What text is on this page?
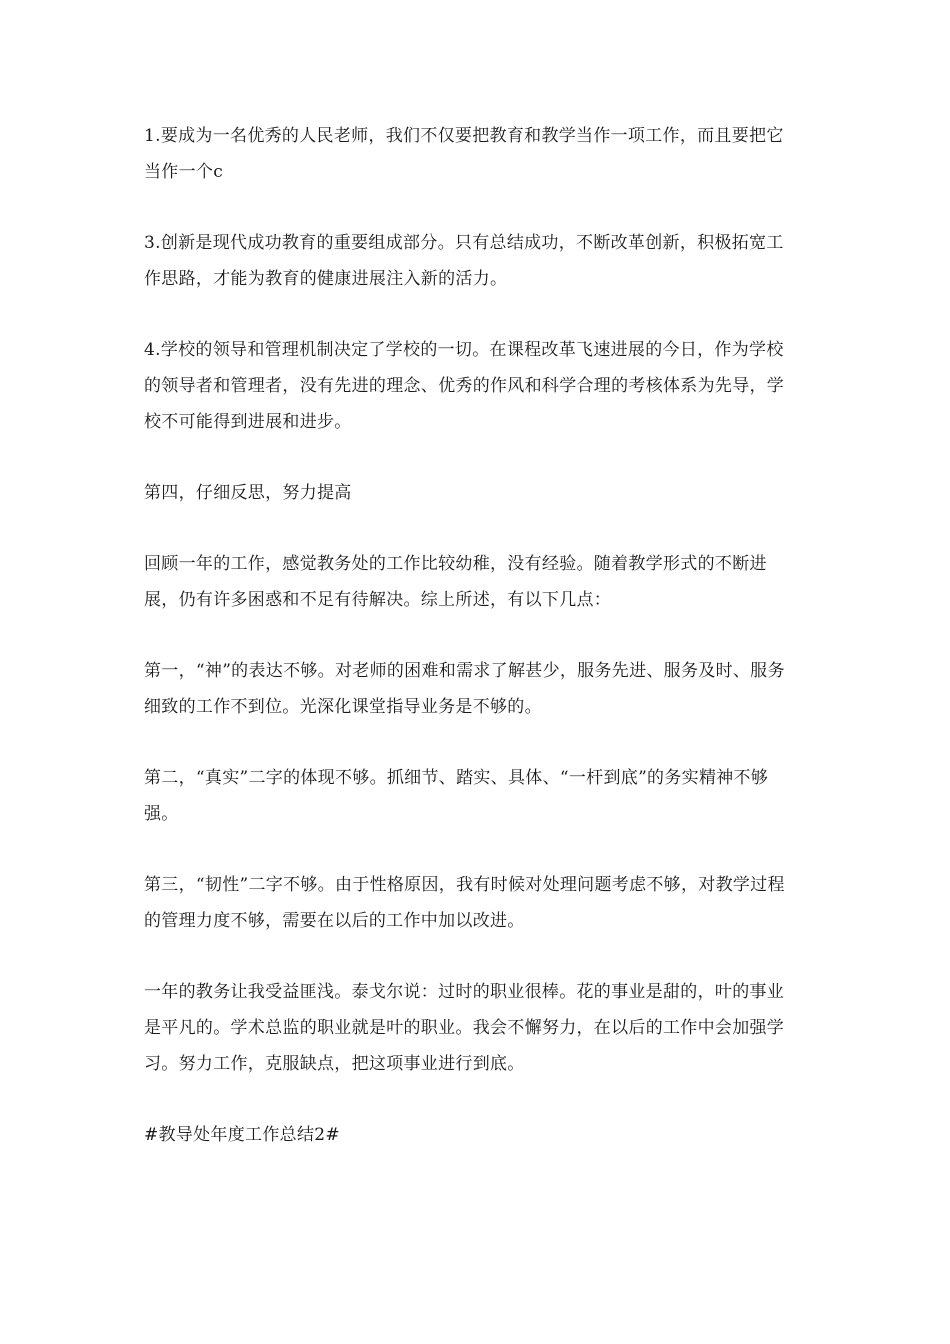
1.要成为一名优秀的人民老师，我们不仅要把教育和教学当作一项工作，而且要把它当作一个c

3.创新是现代成功教育的重要组成部分。只有总结成功，不断改革创新，积极拓宽工作思路，才能为教育的健康进展注入新的活力。

4.学校的领导和管理机制决定了学校的一切。在课程改革飞速进展的今日，作为学校的领导者和管理者，没有先进的理念、优秀的作风和科学合理的考核体系为先导，学校不可能得到进展和进步。

第四，仔细反思，努力提高

回顾一年的工作，感觉教务处的工作比较幼稚，没有经验。随着教学形式的不断进展，仍有许多困惑和不足有待解决。综上所述，有以下几点：

第一，“神”的表达不够。对老师的困难和需求了解甚少，服务先进、服务及时、服务细致的工作不到位。光深化课堂指导业务是不够的。

第二，“真实”二字的体现不够。抓细节、踏实、具体、“一杆到底”的务实精神不够强。

第三，“韧性”二字不够。由于性格原因，我有时候对处理问题考虑不够，对教学过程的管理力度不够，需要在以后的工作中加以改进。

一年的教务让我受益匪浅。泰戈尔说：过时的职业很棒。花的事业是甜的，叶的事业是平凡的。学术总监的职业就是叶的职业。我会不懈努力，在以后的工作中会加强学习。努力工作，克服缺点，把这项事业进行到底。

#教导处年度工作总结2#
